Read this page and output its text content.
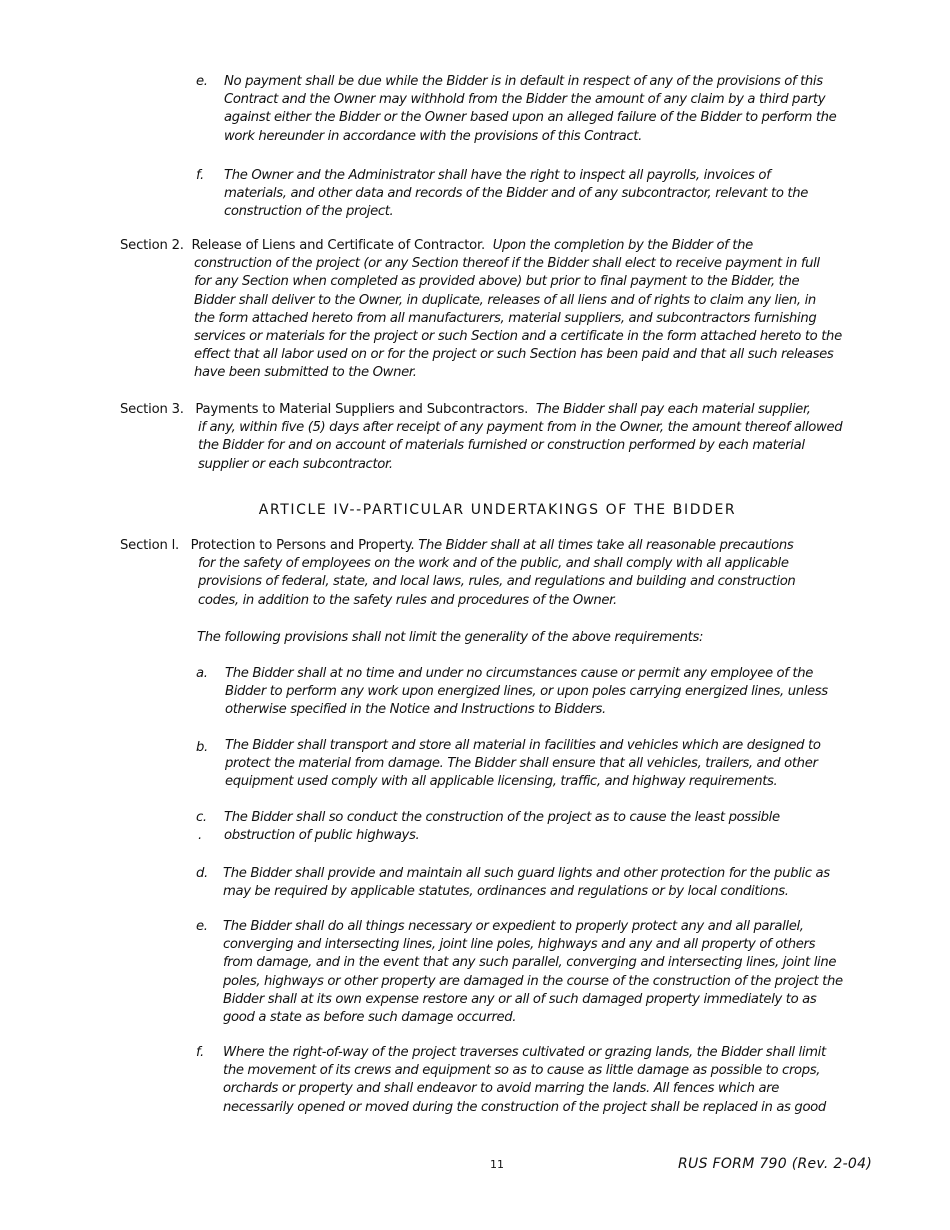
e.	No payment shall be due while the Bidder is in default in respect of any of the provisions of this
Contract and the Owner may withhold from the Bidder the amount of any claim by a third party
against either the Bidder or the Owner based upon an alleged failure of the Bidder to perform the
work hereunder in accordance with the provisions of this Contract.
f.	The Owner and the Administrator shall have the right to inspect all payrolls, invoices of
materials, and other data and records of the Bidder and of any subcontractor, relevant to the
construction of the project.
Section 2. Release of Liens and Certificate of Contractor. Upon the completion by the Bidder of the
construction of the project (or any Section thereof if the Bidder shall elect to receive payment in full
for any Section when completed as provided above) but prior to final payment to the Bidder, the
Bidder shall deliver to the Owner, in duplicate, releases of all liens and of rights to claim any lien, in
the form attached hereto from all manufacturers, material suppliers, and subcontractors furnishing
services or materials for the project or such Section and a certificate in the form attached hereto to the
effect that all labor used on or for the project or such Section has been paid and that all such releases
have been submitted to the Owner.
Section 3. Payments to Material Suppliers and Subcontractors. The Bidder shall pay each material supplier,
if any, within five (5) days after receipt of any payment from in the Owner, the amount thereof allowed
the Bidder for and on account of materials furnished or construction performed by each material
supplier or each subcontractor.
ARTICLE IV--PARTICULAR UNDERTAKINGS OF THE BIDDER
Section l. Protection to Persons and Property. The Bidder shall at all times take all reasonable precautions
for the safety of employees on the work and of the public, and shall comply with all applicable
provisions of federal, state, and local laws, rules, and regulations and building and construction
codes, in addition to the safety rules and procedures of the Owner.
The following provisions shall not limit the generality of the above requirements:
a.	The Bidder shall at no time and under no circumstances cause or permit any employee of the
Bidder to perform any work upon energized lines, or upon poles carrying energized lines, unless
otherwise specified in the Notice and Instructions to Bidders.
b.	The Bidder shall transport and store all material in facilities and vehicles which are designed to
protect the material from damage. The Bidder shall ensure that all vehicles, trailers, and other
equipment used comply with all applicable licensing, traffic, and highway requirements.
c.
.
The Bidder shall so conduct the construction of the project as to cause the least possible
obstruction of public highways.
d.	The Bidder shall provide and maintain all such guard lights and other protection for the public as
may be required by applicable statutes, ordinances and regulations or by local conditions.
e.	The Bidder shall do all things necessary or expedient to properly protect any and all parallel,
converging and intersecting lines, joint line poles, highways and any and all property of others
from damage, and in the event that any such parallel, converging and intersecting lines, joint line
poles, highways or other property are damaged in the course of the construction of the project the
Bidder shall at its own expense restore any or all of such damaged property immediately to as
good a state as before such damage occurred.
f.	Where the right-of-way of the project traverses cultivated or grazing lands, the Bidder shall limit
the movement of its crews and equipment so as to cause as little damage as possible to crops,
orchards or property and shall endeavor to avoid marring the lands. All fences which are
necessarily opened or moved during the construction of the project shall be replaced in as good
11	RUS FORM 790 (Rev. 2-04)
